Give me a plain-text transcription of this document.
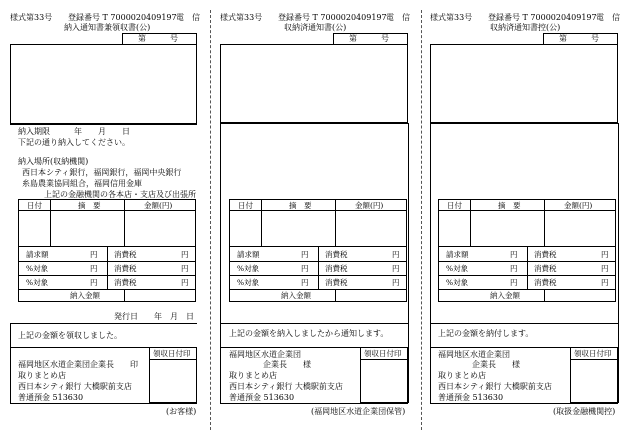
様式第33号 登録番号 T 7000020409197 電　信
納入通知書兼領収書(公)
第　　　号
納入期限　　　年　　月　　日
下記の通り納入してください。
納入場所(収納機関)
西日本シティ銀行，福岡銀行，福岡中央銀行
糸島農業協同組合，福岡信用金庫
上記の金融機関の各本店・支店及び出張所
日付	摘　要	金額(円)
請求額	円 消費税	円
%対象	円 消費税	円
%対象	円 消費税	円
納入金額
発行日　　年　月　日
上記の金額を領収しました。
領収日付印
福岡地区水道企業団企業長　　印
取りまとめ店
西日本シティ銀行 大橋駅前支店
普通預金 513630
(お客様)
様式第33号 登録番号 T 7000020409197 電　信
収納済通知書(公)
第　　　号
日付	摘　要	金額(円)
請求額	円 消費税	円
%対象	円 消費税	円
%対象	円 消費税	円
納入金額
上記の金額を納入しましたから通知します。
領収日付印
福岡地区水道企業団
企業長　　様
取りまとめ店
西日本シティ銀行 大橋駅前支店
普通預金 513630
(福岡地区水道企業団保管)
様式第33号 登録番号 T 7000020409197 電　信
収納済通知書控(公)
第　　　号
日付	摘　要	金額(円)
請求額	円 消費税	円
%対象	円 消費税	円
%対象	円 消費税	円
納入金額
上記の金額を納付します。
領収日付印
福岡地区水道企業団
企業長　　様
取りまとめ店
西日本シティ銀行 大橋駅前支店
普通預金 513630
(取扱金融機関控)
